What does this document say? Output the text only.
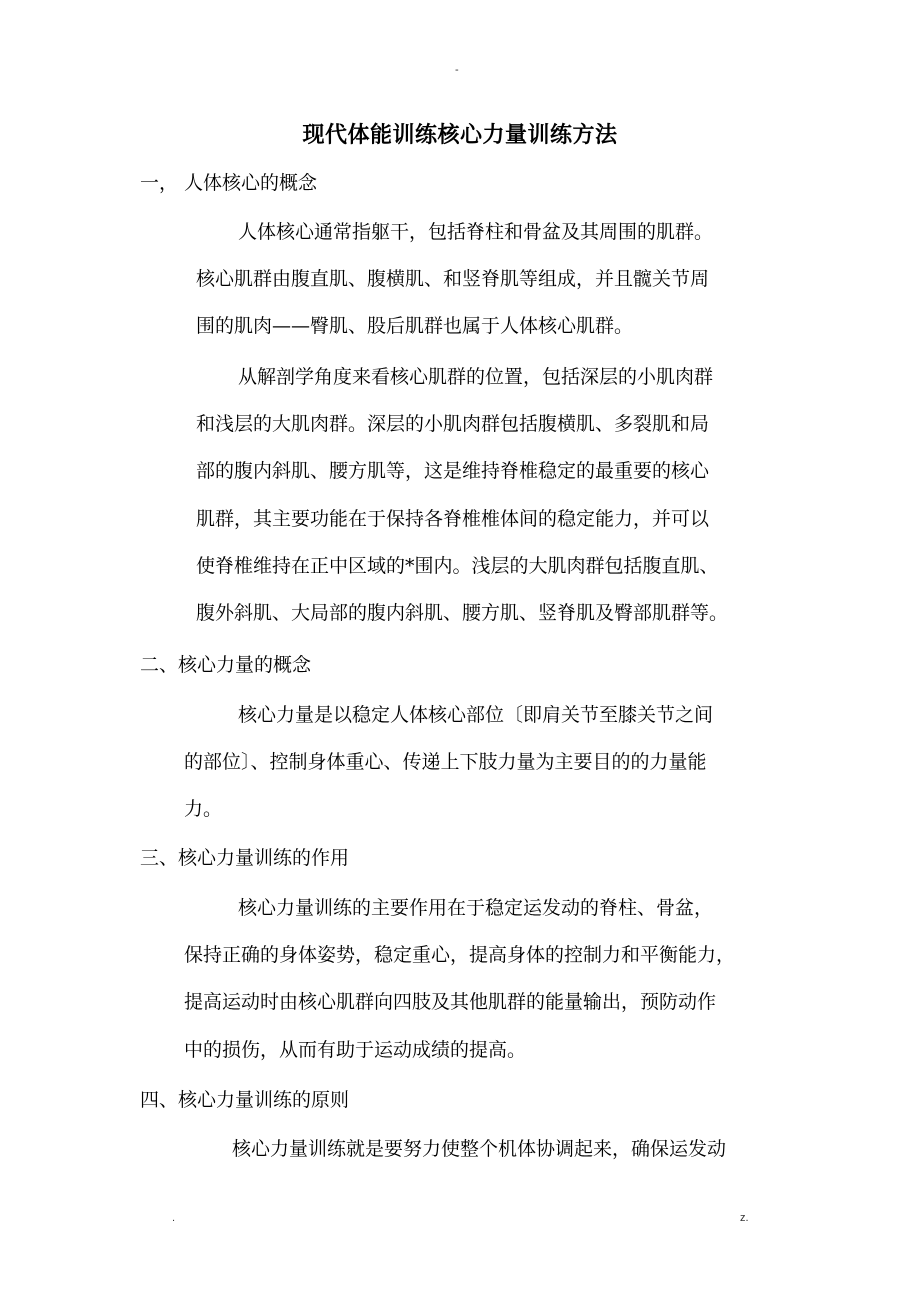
-
现代体能训练核心力量训练方法
一， 人体核心的概念
人体核心通常指躯干，包括脊柱和骨盆及其周围的肌群。
核心肌群由腹直肌、腹横肌、和竖脊肌等组成，并且髋关节周
围的肌肉——臀肌、股后肌群也属于人体核心肌群。
从解剖学角度来看核心肌群的位置，包括深层的小肌肉群
和浅层的大肌肉群。深层的小肌肉群包括腹横肌、多裂肌和局
部的腹内斜肌、腰方肌等，这是维持脊椎稳定的最重要的核心
肌群，其主要功能在于保持各脊椎椎体间的稳定能力，并可以
使脊椎维持在正中区域的*围内。浅层的大肌肉群包括腹直肌、
腹外斜肌、大局部的腹内斜肌、腰方肌、竖脊肌及臀部肌群等。
二、核心力量的概念
核心力量是以稳定人体核心部位〔即肩关节至膝关节之间
的部位〕、控制身体重心、传递上下肢力量为主要目的的力量能
力。
三、核心力量训练的作用
核心力量训练的主要作用在于稳定运发动的脊柱、骨盆，
保持正确的身体姿势，稳定重心，提高身体的控制力和平衡能力，
提高运动时由核心肌群向四肢及其他肌群的能量输出，预防动作
中的损伤，从而有助于运动成绩的提高。
四、核心力量训练的原则
核心力量训练就是要努力使整个机体协调起来，确保运发动
.	z.
